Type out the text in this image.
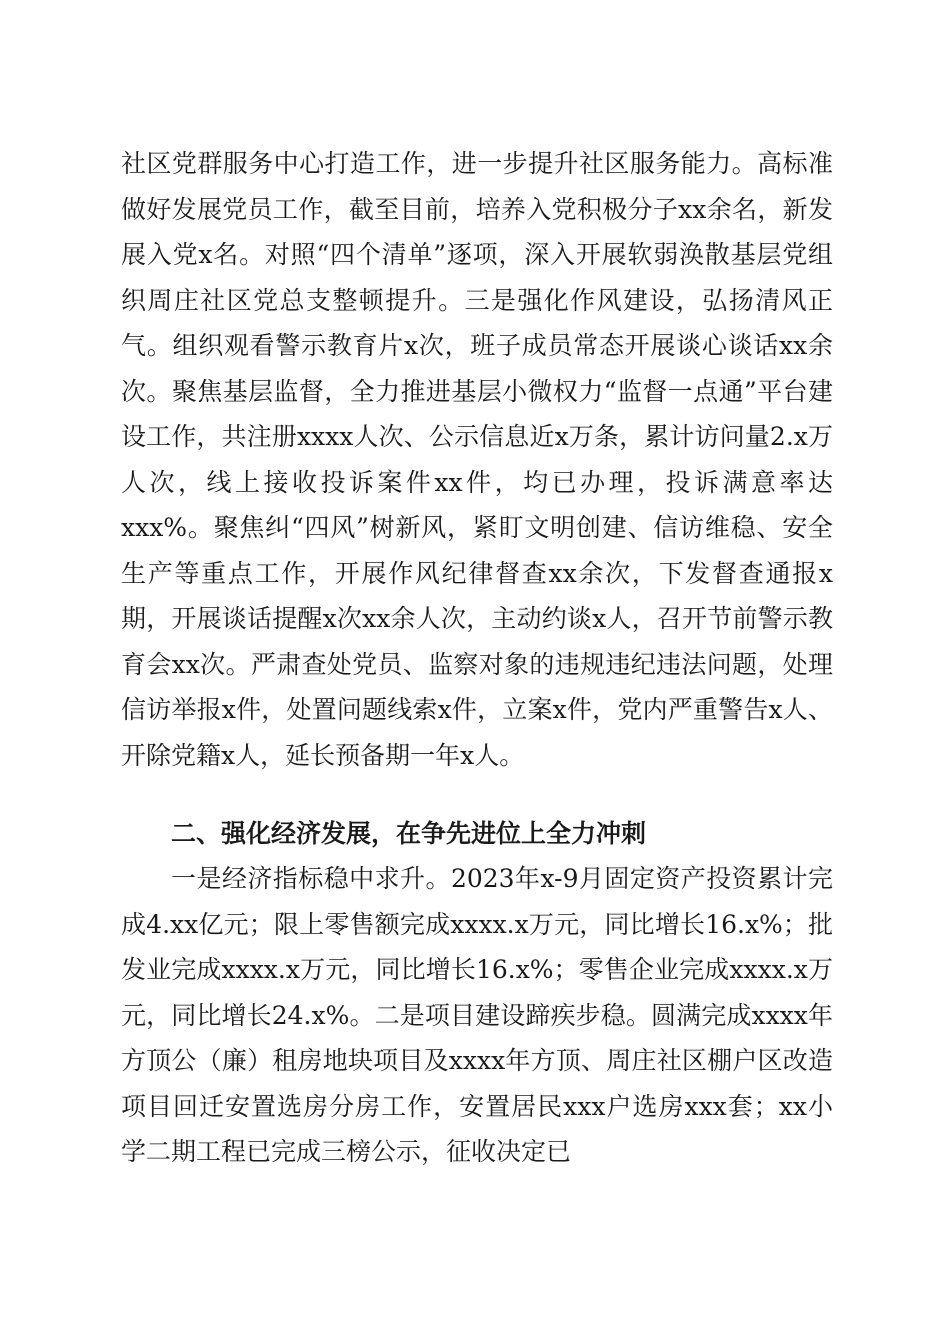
社区党群服务中心打造工作，进一步提升社区服务能力。高标准做好发展党员工作，截至目前，培养入党积极分子xx余名，新发展入党x名。对照“四个清单”逐项，深入开展软弱涣散基层党组织周庄社区党总支整顿提升。三是强化作风建设，弘扬清风正气。组织观看警示教育片x次，班子成员常态开展谈心谈话xx余次。聚焦基层监督，全力推进基层小微权力“监督一点通”平台建设工作，共注册xxxx人次、公示信息近x万条，累计访问量2.x万人次，线上接收投诉案件xx件，均已办理，投诉满意率达xxx%。聚焦纠“四风”树新风，紧盯文明创建、信访维稳、安全生产等重点工作，开展作风纪律督查xx余次，下发督查通报x期，开展谈话提醒x次xx余人次，主动约谈x人，召开节前警示教育会xx次。严肃查处党员、监察对象的违规违纪违法问题，处理信访举报x件，处置问题线索x件，立案x件，党内严重警告x人、开除党籍x人，延长预备期一年x人。

二、强化经济发展，在争先进位上全力冲刺

一是经济指标稳中求升。2023年x-9月固定资产投资累计完成4.xx亿元；限上零售额完成xxxx.x万元，同比增长16.x%；批发业完成xxxx.x万元，同比增长16.x%；零售企业完成xxxx.x万元，同比增长24.x%。二是项目建设蹄疾步稳。圆满完成xxxx年方顶公（廉）租房地块项目及xxxx年方顶、周庄社区棚户区改造项目回迁安置选房分房工作，安置居民xxx户选房xxx套；xx小学二期工程已完成三榜公示，征收决定已
